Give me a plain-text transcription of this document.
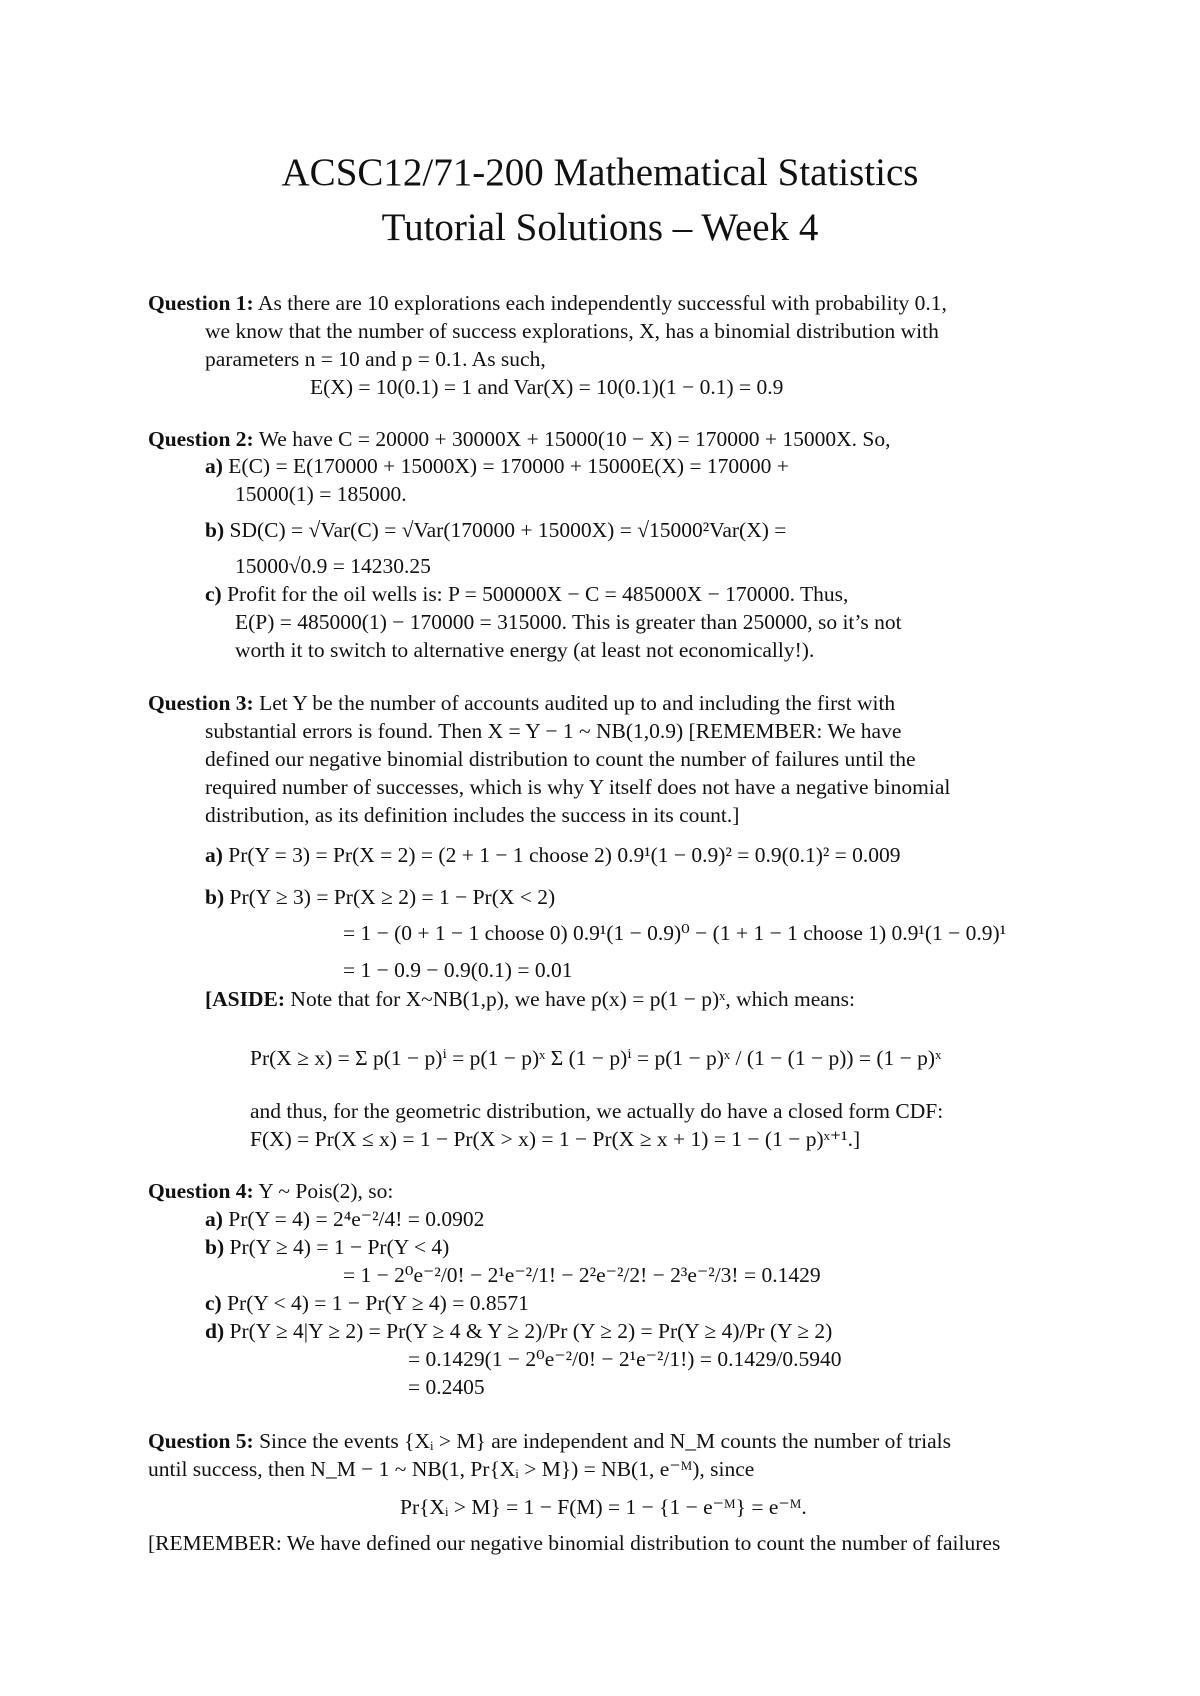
ACSC12/71-200 Mathematical Statistics
Tutorial Solutions – Week 4
Question 1: As there are 10 explorations each independently successful with probability 0.1,
we know that the number of success explorations, X, has a binomial distribution with
parameters n = 10 and p = 0.1. As such,
E(X) = 10(0.1) = 1 and Var(X) = 10(0.1)(1 − 0.1) = 0.9
Question 2: We have C = 20000 + 30000X + 15000(10 − X) = 170000 + 15000X. So,
a) E(C) = E(170000 + 15000X) = 170000 + 15000E(X) = 170000 +
15000(1) = 185000.
b) SD(C) = √Var(C) = √Var(170000 + 15000X) = √15000²Var(X) =
15000√0.9 = 14230.25
c) Profit for the oil wells is: P = 500000X − C = 485000X − 170000. Thus,
E(P) = 485000(1) − 170000 = 315000. This is greater than 250000, so it’s not
worth it to switch to alternative energy (at least not economically!).
Question 3: Let Y be the number of accounts audited up to and including the first with
substantial errors is found. Then X = Y − 1 ~ NB(1,0.9) [REMEMBER: We have
defined our negative binomial distribution to count the number of failures until the
required number of successes, which is why Y itself does not have a negative binomial
distribution, as its definition includes the success in its count.]
a) Pr(Y = 3) = Pr(X = 2) = (2 + 1 − 1 choose 2) 0.9¹(1 − 0.9)² = 0.9(0.1)² = 0.009
b) Pr(Y ≥ 3) = Pr(X ≥ 2) = 1 − Pr(X < 2)
= 1 − (0 + 1 − 1 choose 0) 0.9¹(1 − 0.9)⁰ − (1 + 1 − 1 choose 1) 0.9¹(1 − 0.9)¹
= 1 − 0.9 − 0.9(0.1) = 0.01
[ASIDE: Note that for X~NB(1,p), we have p(x) = p(1 − p)ˣ, which means:
Pr(X ≥ x) = Σ p(1 − p)ⁱ = p(1 − p)ˣ Σ (1 − p)ⁱ = p(1 − p)ˣ / (1 − (1 − p)) = (1 − p)ˣ
and thus, for the geometric distribution, we actually do have a closed form CDF:
F(X) = Pr(X ≤ x) = 1 − Pr(X > x) = 1 − Pr(X ≥ x + 1) = 1 − (1 − p)ˣ⁺¹.]
Question 4: Y ~ Pois(2), so:
a) Pr(Y = 4) = 2⁴e⁻²/4! = 0.0902
b) Pr(Y ≥ 4) = 1 − Pr(Y < 4)
= 1 − 2⁰e⁻²/0! − 2¹e⁻²/1! − 2²e⁻²/2! − 2³e⁻²/3! = 0.1429
c) Pr(Y < 4) = 1 − Pr(Y ≥ 4) = 0.8571
d) Pr(Y ≥ 4|Y ≥ 2) = Pr(Y ≥ 4 & Y ≥ 2)/Pr (Y ≥ 2) = Pr(Y ≥ 4)/Pr (Y ≥ 2)
= 0.1429(1 − 2⁰e⁻²/0! − 2¹e⁻²/1!) = 0.1429/0.5940
= 0.2405
Question 5: Since the events {Xᵢ > M} are independent and N_M counts the number of trials
until success, then N_M − 1 ~ NB(1, Pr{Xᵢ > M}) = NB(1, e⁻ᴹ), since
Pr{Xᵢ > M} = 1 − F(M) = 1 − {1 − e⁻ᴹ} = e⁻ᴹ.
[REMEMBER: We have defined our negative binomial distribution to count the number of failures
